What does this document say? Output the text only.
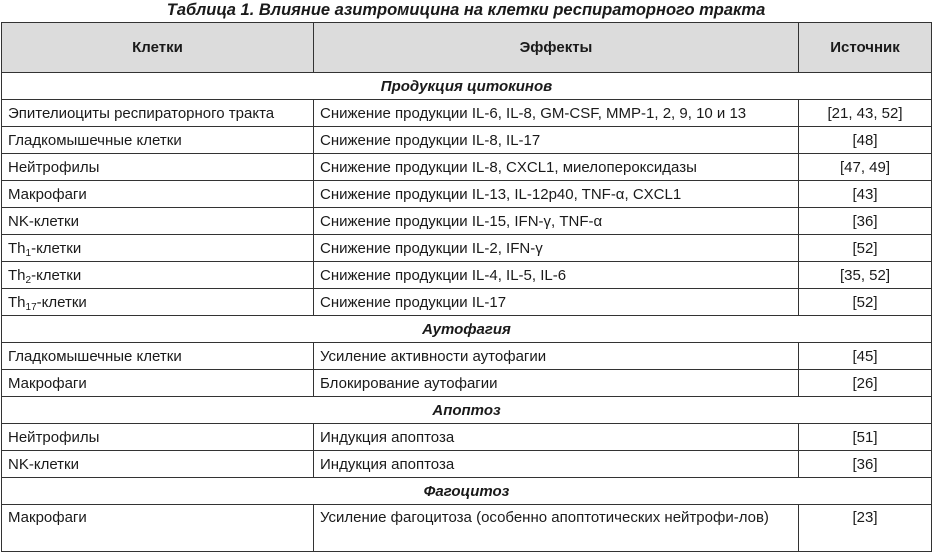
Таблица 1. Влияние азитромицина на клетки респираторного тракта
Клетки	Эффекты	Источник
Продукция цитокинов		
Эпителиоциты респираторного тракта	Снижение продукции IL-6, IL-8, GM-CSF, MMP-1, 2, 9, 10 и 13	[21, 43, 52]
Гладкомышечные клетки	Снижение продукции IL-8, IL-17	[48]
Нейтрофилы	Снижение продукции IL-8, CXCL1, миелопероксидазы	[47, 49]
Макрофаги	Снижение продукции IL-13, IL-12p40, TNF-α, CXCL1	[43]
NK-клетки	Снижение продукции IL-15, IFN-γ, TNF-α	[36]
$Th_1$-клетки	Снижение продукции IL-2, IFN-γ	[52]
$Th_2$-клетки	Снижение продукции IL-4, IL-5, IL-6	[35, 52]
$Th_{17}$-клетки	Снижение продукции IL-17	[52]
Аутофагия		
Гладкомышечные клетки	Усиление активности аутофагии	[45]
Макрофаги	Блокирование аутофагии	[26]
Апоптоз		
Нейтрофилы	Индукция апоптоза	[51]
NK-клетки	Индукция апоптоза	[36]
Фагоцитоз		
Макрофаги	Усиление фагоцитоза (особенно апоптотических нейтрофи-лов)	[23]
